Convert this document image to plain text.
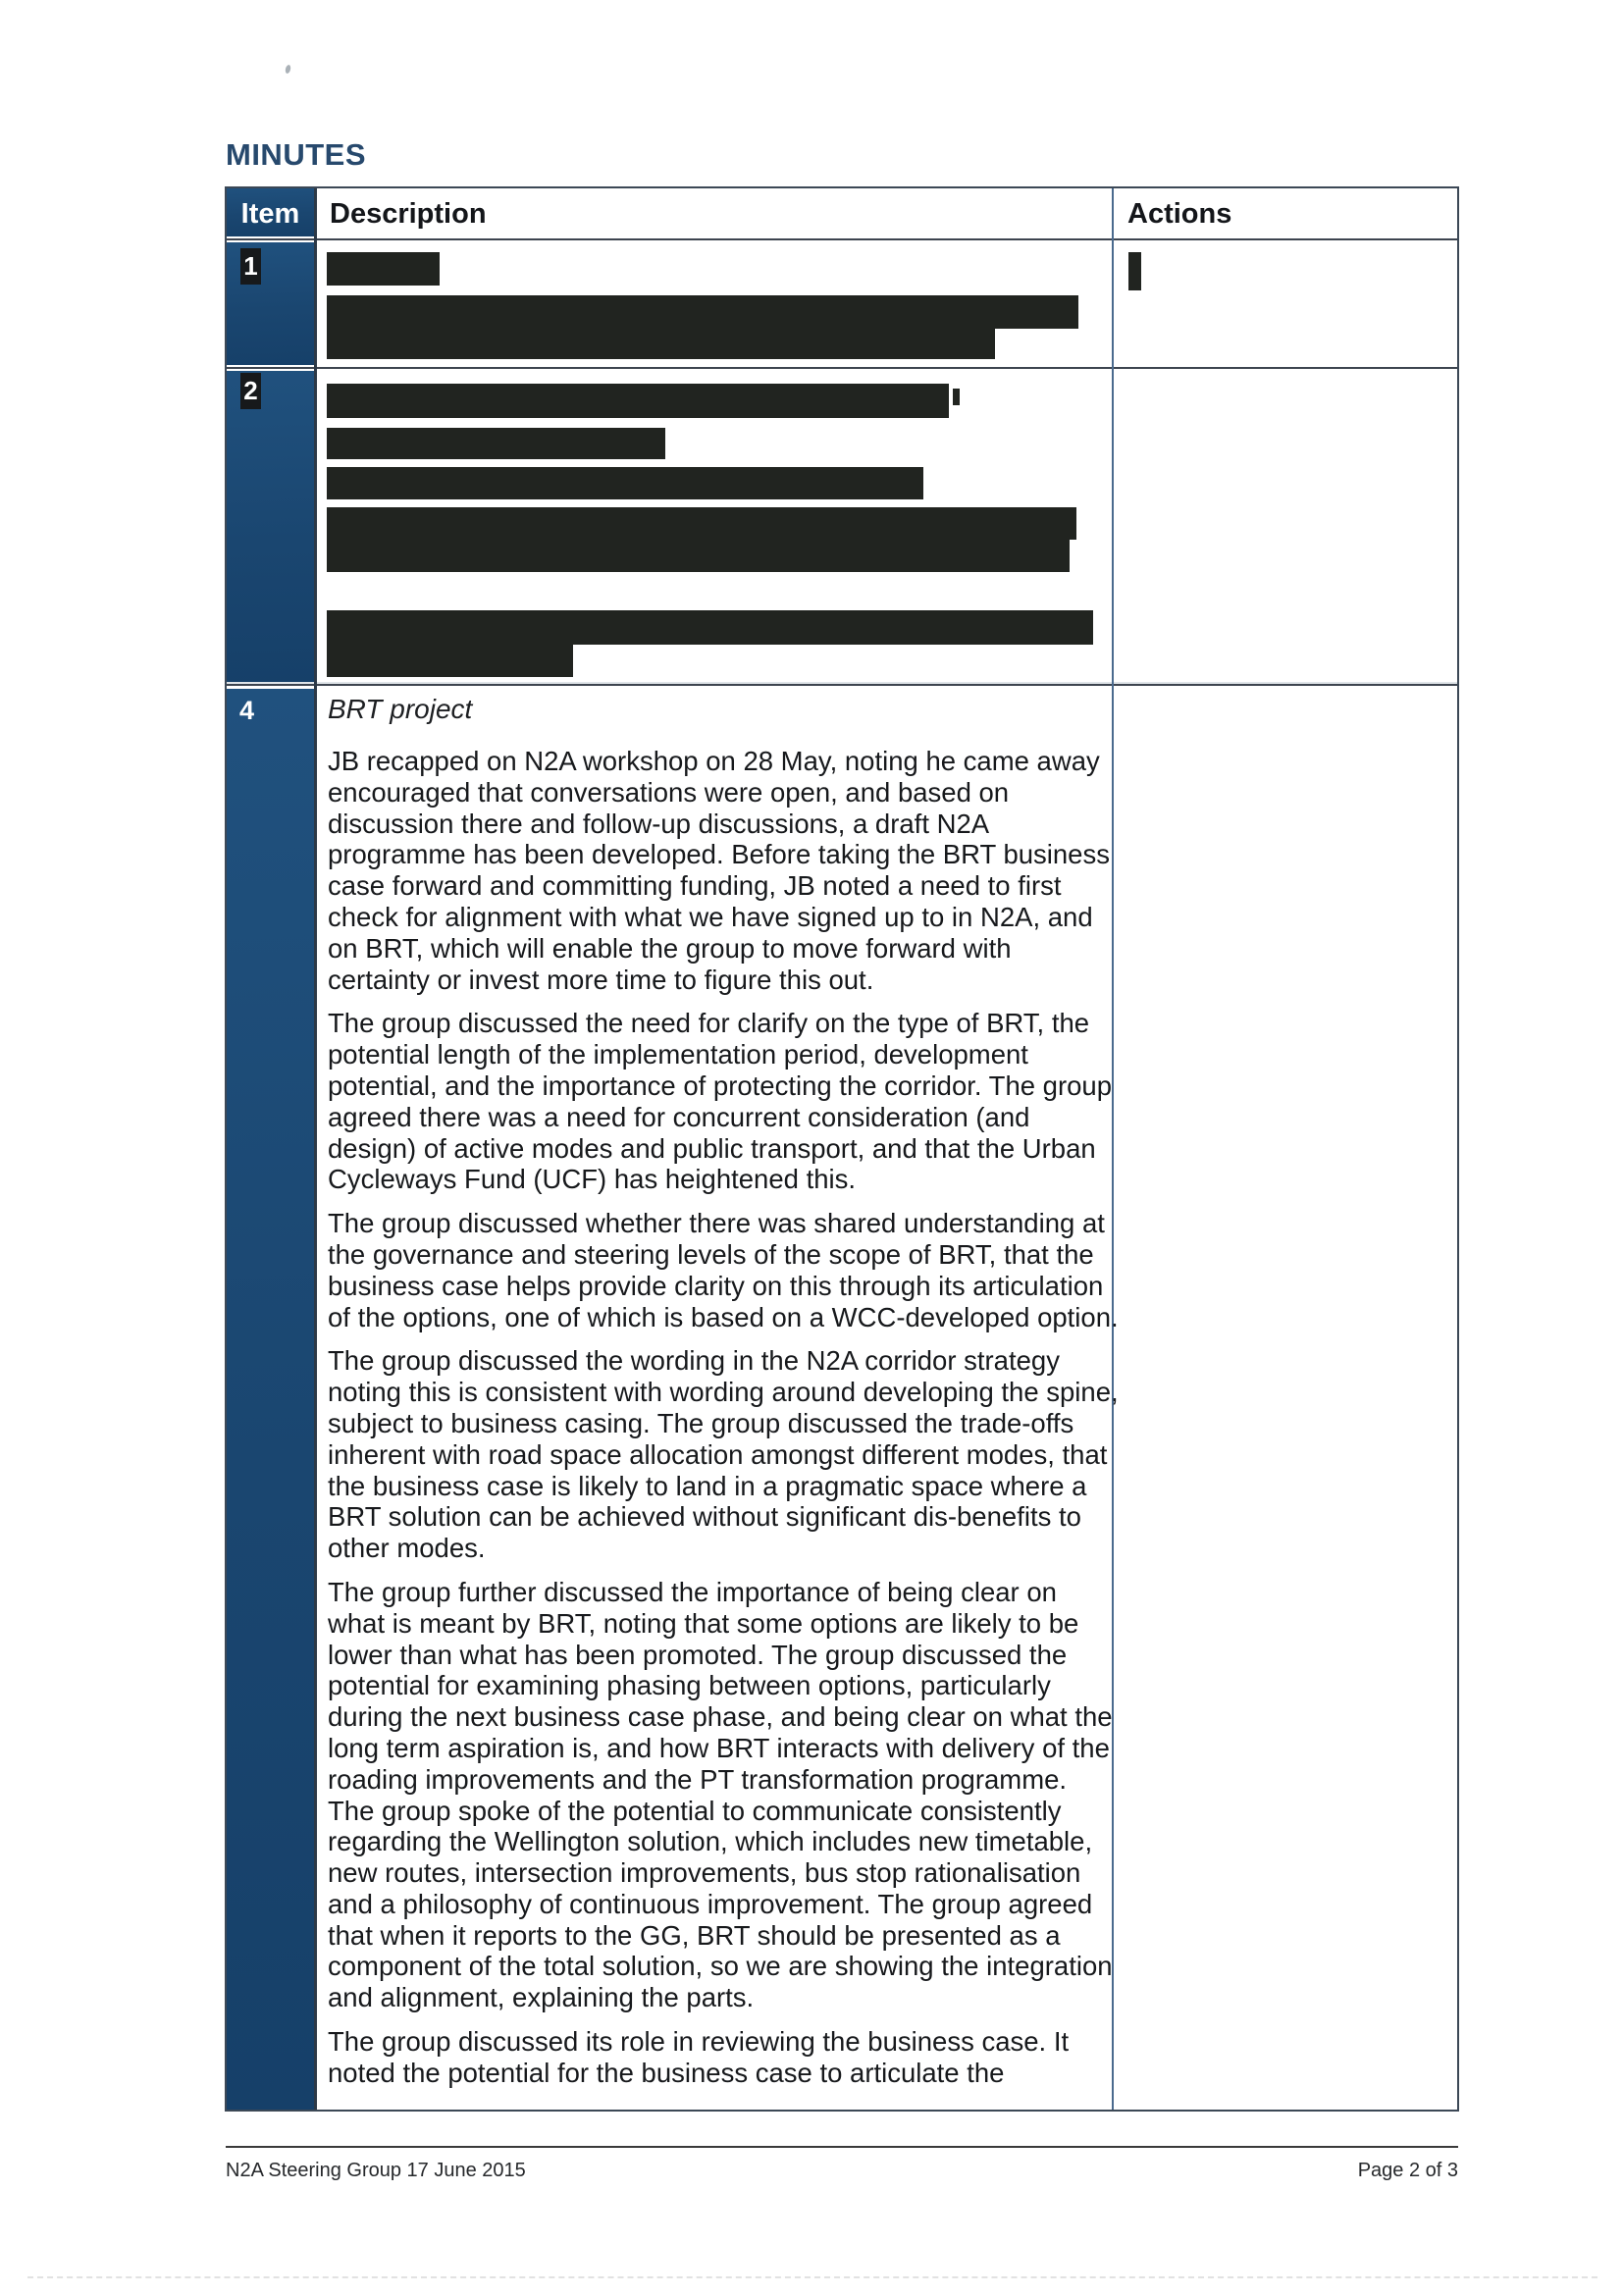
MINUTES
Item	Description	Actions
1
2
4	BRT project

JB recapped on N2A workshop on 28 May, noting he came away encouraged that conversations were open, and based on discussion there and follow-up discussions, a draft N2A programme has been developed. Before taking the BRT business case forward and committing funding, JB noted a need to first check for alignment with what we have signed up to in N2A, and on BRT, which will enable the group to move forward with certainty or invest more time to figure this out.

The group discussed the need for clarify on the type of BRT, the potential length of the implementation period, development potential, and the importance of protecting the corridor. The group agreed there was a need for concurrent consideration (and design) of active modes and public transport, and that the Urban Cycleways Fund (UCF) has heightened this.

The group discussed whether there was shared understanding at the governance and steering levels of the scope of BRT, that the business case helps provide clarity on this through its articulation of the options, one of which is based on a WCC-developed option.

The group discussed the wording in the N2A corridor strategy noting this is consistent with wording around developing the spine, subject to business casing. The group discussed the trade-offs inherent with road space allocation amongst different modes, that the business case is likely to land in a pragmatic space where a BRT solution can be achieved without significant dis-benefits to other modes.

The group further discussed the importance of being clear on what is meant by BRT, noting that some options are likely to be lower than what has been promoted. The group discussed the potential for examining phasing between options, particularly during the next business case phase, and being clear on what the long term aspiration is, and how BRT interacts with delivery of the roading improvements and the PT transformation programme. The group spoke of the potential to communicate consistently regarding the Wellington solution, which includes new timetable, new routes, intersection improvements, bus stop rationalisation and a philosophy of continuous improvement. The group agreed that when it reports to the GG, BRT should be presented as a component of the total solution, so we are showing the integration and alignment, explaining the parts.

The group discussed its role in reviewing the business case. It noted the potential for the business case to articulate the

N2A Steering Group 17 June 2015	Page 2 of 3
